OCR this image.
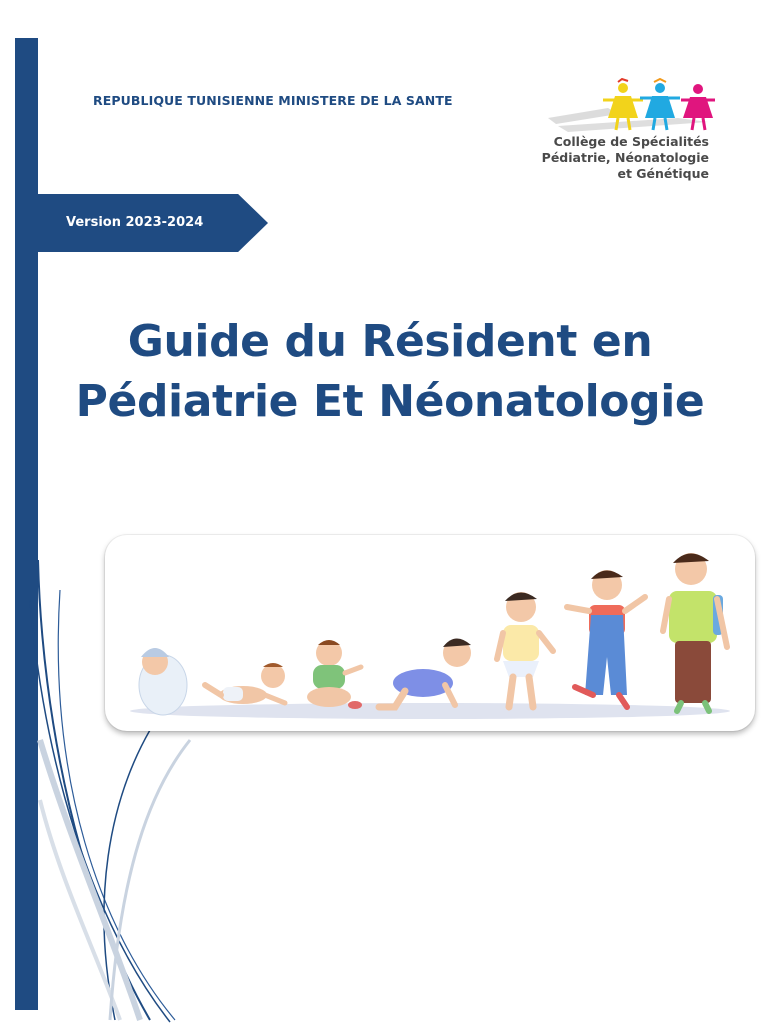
REPUBLIQUE TUNISIENNE MINISTERE DE LA SANTE
Collège de Spécialités
Pédiatrie, Néonatologie
et Génétique
Version 2023-2024
Guide du Résident en
Pédiatrie Et Néonatologie
